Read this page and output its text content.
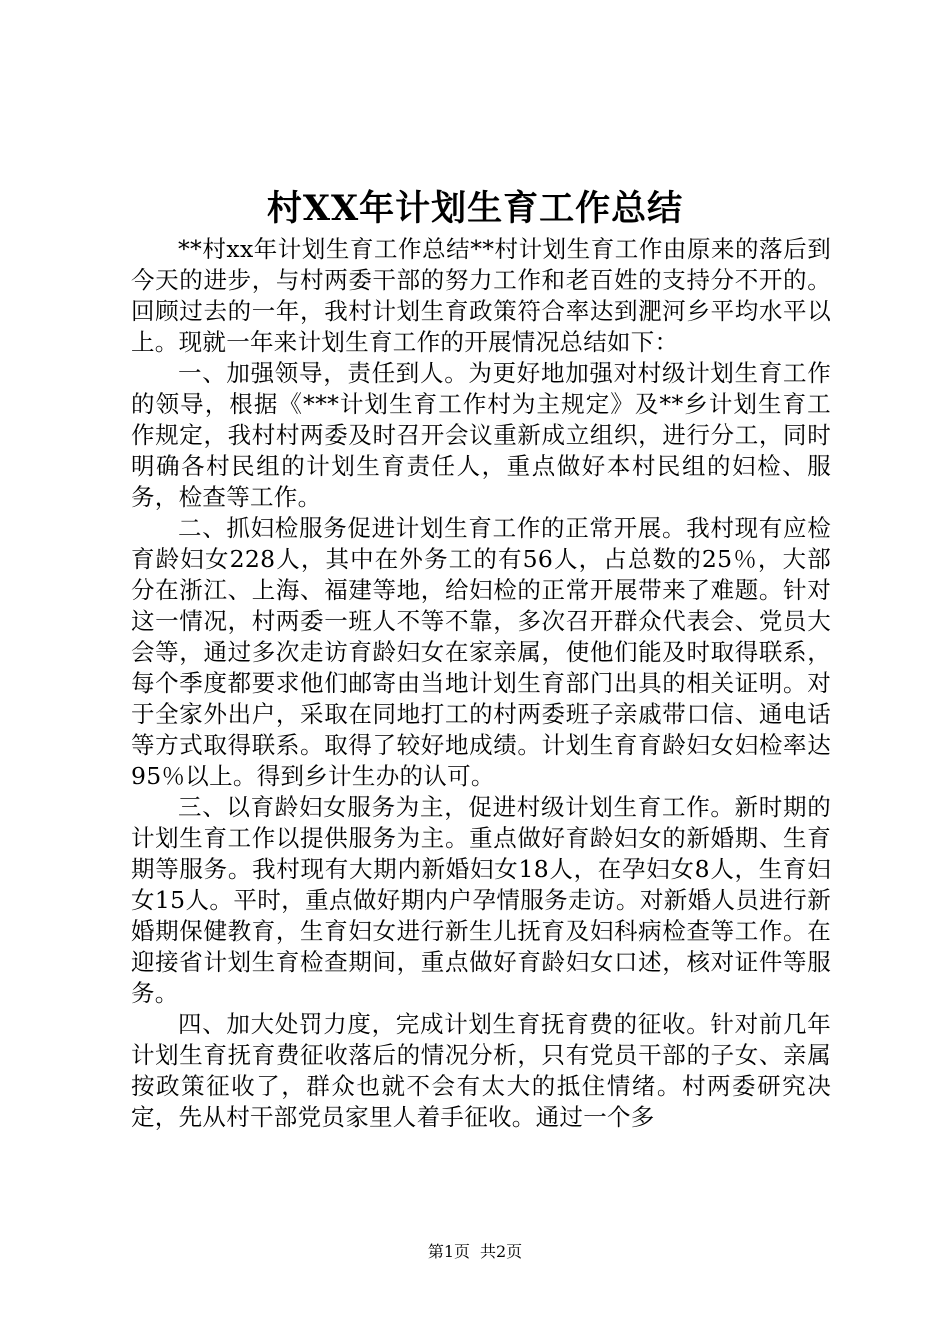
村XX年计划生育工作总结

**村xx年计划生育工作总结**村计划生育工作由原来的落后到今天的进步，与村两委干部的努力工作和老百姓的支持分不开的。回顾过去的一年，我村计划生育政策符合率达到淝河乡平均水平以上。现就一年来计划生育工作的开展情况总结如下：

一、加强领导，责任到人。为更好地加强对村级计划生育工作的领导，根据《***计划生育工作村为主规定》及**乡计划生育工作规定，我村村两委及时召开会议重新成立组织，进行分工，同时明确各村民组的计划生育责任人，重点做好本村民组的妇检、服务，检查等工作。

二、抓妇检服务促进计划生育工作的正常开展。我村现有应检育龄妇女228人，其中在外务工的有56人，占总数的25％，大部分在浙江、上海、福建等地，给妇检的正常开展带来了难题。针对这一情况，村两委一班人不等不靠，多次召开群众代表会、党员大会等，通过多次走访育龄妇女在家亲属，使他们能及时取得联系，每个季度都要求他们邮寄由当地计划生育部门出具的相关证明。对于全家外出户，采取在同地打工的村两委班子亲戚带口信、通电话等方式取得联系。取得了较好地成绩。计划生育育龄妇女妇检率达95％以上。得到乡计生办的认可。

三、以育龄妇女服务为主，促进村级计划生育工作。新时期的计划生育工作以提供服务为主。重点做好育龄妇女的新婚期、生育期等服务。我村现有大期内新婚妇女18人，在孕妇女8人，生育妇女15人。平时，重点做好期内户孕情服务走访。对新婚人员进行新婚期保健教育，生育妇女进行新生儿抚育及妇科病检查等工作。在迎接省计划生育检查期间，重点做好育龄妇女口述，核对证件等服务。

四、加大处罚力度，完成计划生育抚育费的征收。针对前几年计划生育抚育费征收落后的情况分析，只有党员干部的子女、亲属按政策征收了，群众也就不会有太大的抵住情绪。村两委研究决定，先从村干部党员家里人着手征收。通过一个多

第1页 共2页
